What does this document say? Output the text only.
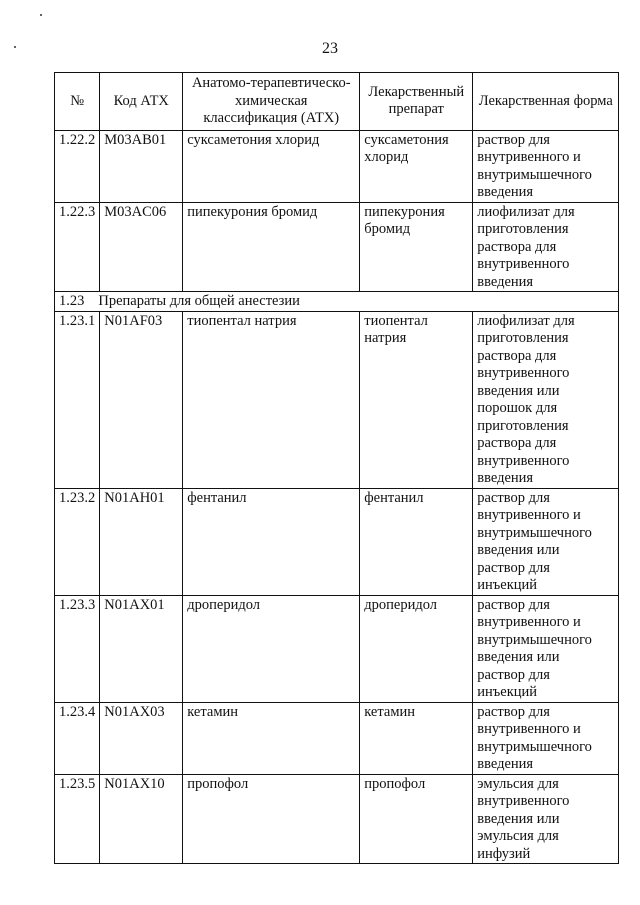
23
№	Код АТХ	Анатомо-терапевтическо-химическая классификация (АТХ)	Лекарственный препарат	Лекарственная форма
1.22.2	M03AB01	суксаметония хлорид	суксаметония хлорид	раствор для внутривенного и внутримышечного введения

1.22.3	M03AC06	пипекурония бромид	пипекурония бромид	лиофилизат для приготовления раствора для внутривенного введения

1.23 Препараты для общей анестезии				
1.23.1	N01AF03	тиопентал натрия	тиопентал натрия	лиофилизат для приготовления раствора для внутривенного введения или порошок для приготовления раствора для внутривенного введения

1.23.2	N01AH01	фентанил	фентанил	раствор для внутривенного и внутримышечного введения или раствор для инъекций

1.23.3	N01AX01	дроперидол	дроперидол	раствор для внутривенного и внутримышечного введения или раствор для инъекций

1.23.4	N01AX03	кетамин	кетамин	раствор для внутривенного и внутримышечного введения

1.23.5	N01AX10	пропофол	пропофол	эмульсия для внутривенного введения или эмульсия для инфузий
